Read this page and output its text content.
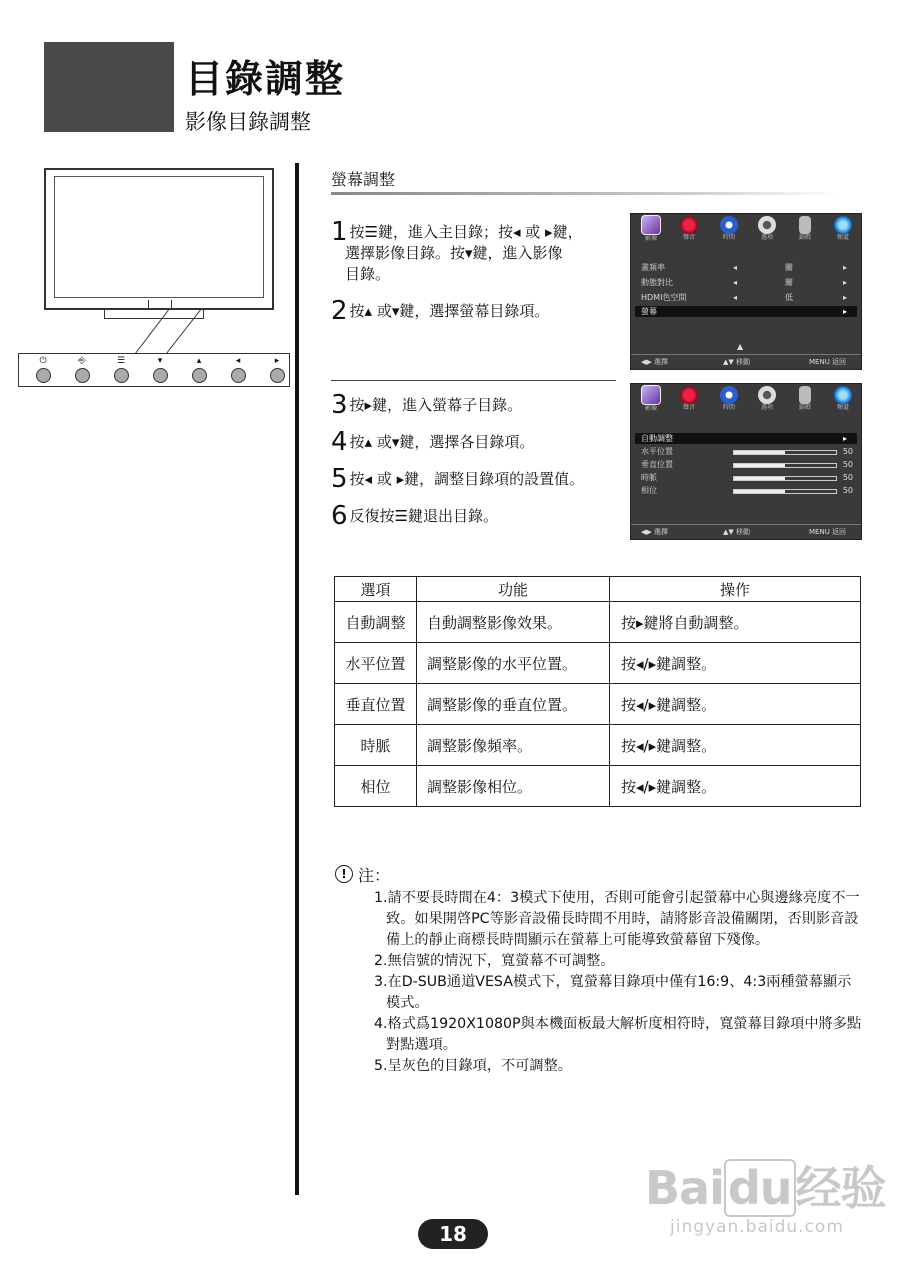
目錄調整
影像目錄調整
⏻	⎆	☰	▾	▴	◂	▸
螢幕調整
1 按☰鍵，進入主目錄；按◂ 或 ▸鍵，
選擇影像目錄。按▾鍵，進入影像
目錄。
2 按▴ 或▾鍵，選擇螢幕目錄項。
3 按▸鍵，進入螢幕子目錄。
4 按▴ 或▾鍵，選擇各目錄項。
5 按◂ 或 ▸鍵，調整目錄項的設置值。
6 反復按☰鍵退出目錄。
影像	聲音	時間	選項	鎖碼	頻道
畫頻率	◂	關	▸
動態對比	◂	關	▸
HDMI色空間	◂	低	▸
螢幕	▸
▲
◀▶ 選擇	▲▼ 移動	MENU 返回
影像	聲音	時間	選項	鎖碼	頻道
自動調整	▸
水平位置	50
垂直位置	50
時脈	50
相位	50
◀▶ 選擇	▲▼ 移動	MENU 返回
選項	功能	操作
自動調整	自動調整影像效果。	按▸鍵將自動調整。
水平位置	調整影像的水平位置。	按◂/▸鍵調整。
垂直位置	調整影像的垂直位置。	按◂/▸鍵調整。
時脈	調整影像頻率。	按◂/▸鍵調整。
相位	調整影像相位。	按◂/▸鍵調整。
! 注：
1.請不要長時間在4：3模式下使用，否則可能會引起螢幕中心與邊緣亮度不一致。如果開啓PC等影音設備長時間不用時，請將影音設備關閉，否則影音設備上的靜止商標長時間顯示在螢幕上可能導致螢幕留下殘像。
2.無信號的情況下，寬螢幕不可調整。
3.在D-SUB通道VESA模式下，寬螢幕目錄項中僅有16:9、4:3兩種螢幕顯示模式。
4.格式爲1920X1080P與本機面板最大解析度相符時，寬螢幕目錄項中將多點對點選項。
5.呈灰色的目錄項，不可調整。
Baidu经验
jingyan.baidu.com
18
